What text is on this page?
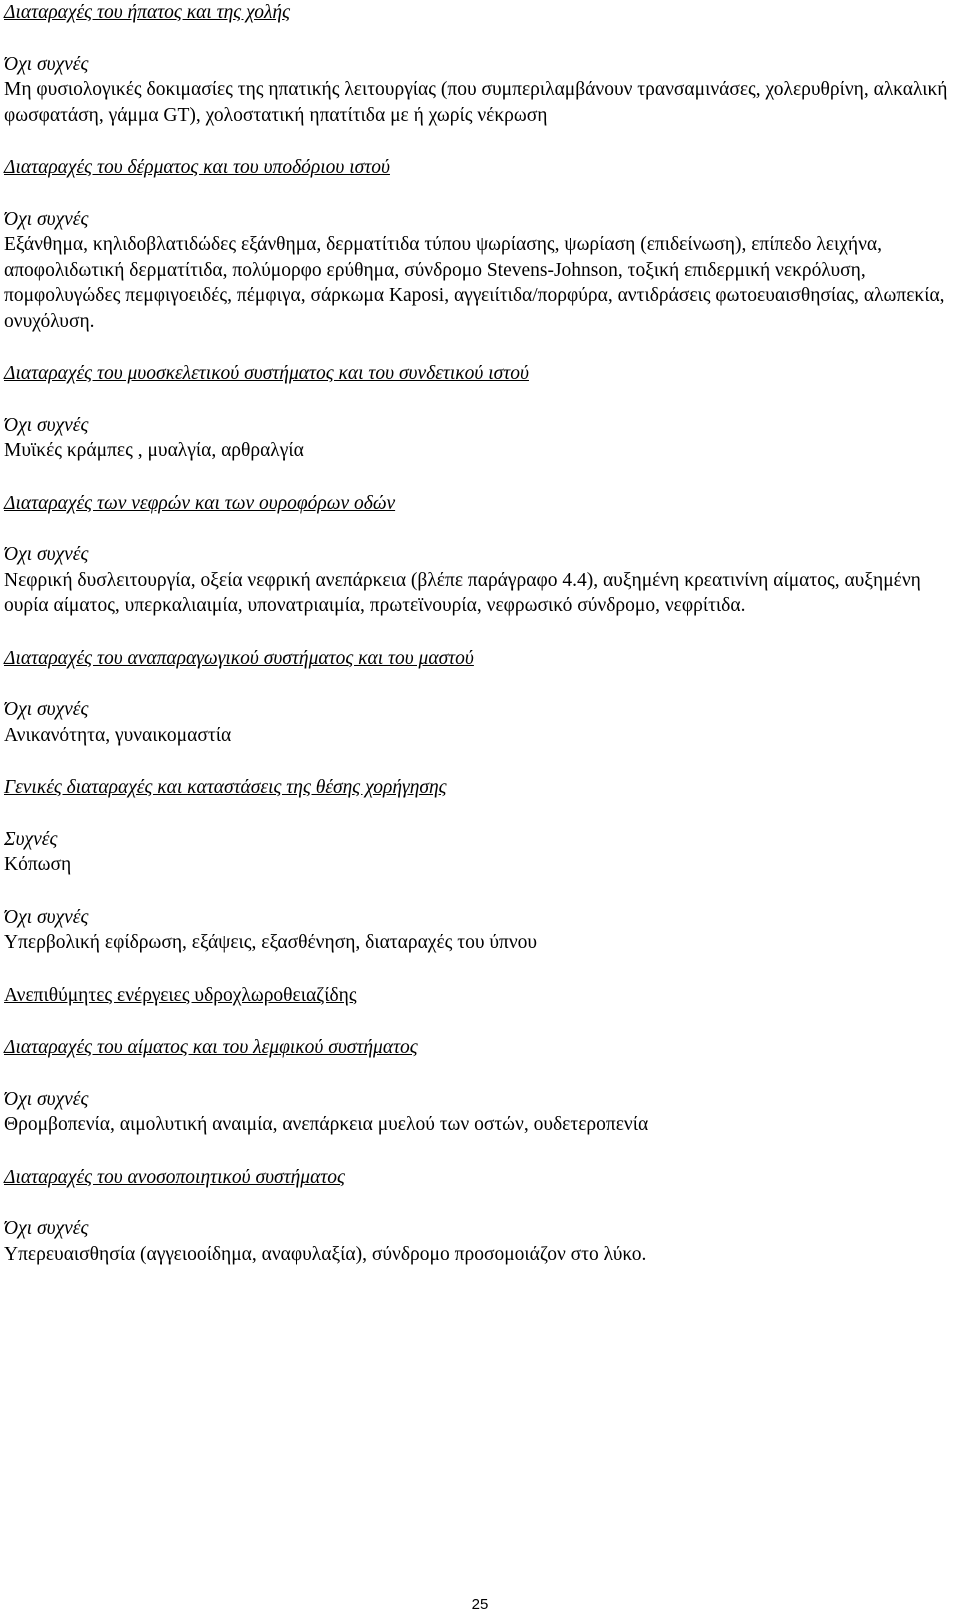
Διαταραχές του ήπατος και της χολής

Όχι συχνές

Μη φυσιολογικές δοκιμασίες της ηπατικής λειτουργίας (που συμπεριλαμβάνουν τρανσαμινάσες, χολερυθρίνη, αλκαλική φωσφατάση, γάμμα GT), χολοστατική ηπατίτιδα με ή χωρίς νέκρωση

Διαταραχές του δέρματος και του υποδόριου ιστού

Όχι συχνές

Εξάνθημα, κηλιδοβλατιδώδες εξάνθημα, δερματίτιδα τύπου ψωρίασης, ψωρίαση (επιδείνωση), επίπεδο λειχήνα, αποφολιδωτική δερματίτιδα, πολύμορφο ερύθημα, σύνδρομο Stevens-Johnson, τοξική επιδερμική νεκρόλυση, πομφολυγώδες πεμφιγοειδές, πέμφιγα, σάρκωμα Kaposi, αγγειίτιδα/πορφύρα, αντιδράσεις φωτοευαισθησίας, αλωπεκία, ονυχόλυση.

Διαταραχές του μυοσκελετικού συστήματος και του συνδετικού ιστού

Όχι συχνές

Μυϊκές κράμπες , μυαλγία, αρθραλγία

Διαταραχές των νεφρών και των ουροφόρων οδών

Όχι συχνές

Νεφρική δυσλειτουργία, οξεία νεφρική ανεπάρκεια (βλέπε παράγραφο 4.4), αυξημένη κρεατινίνη αίματος, αυξημένη ουρία αίματος, υπερκαλιαιμία, υπονατριαιμία, πρωτεϊνουρία, νεφρωσικό σύνδρομο, νεφρίτιδα.

Διαταραχές του αναπαραγωγικού συστήματος και του μαστού

Όχι συχνές

Ανικανότητα, γυναικομαστία

Γενικές διαταραχές και καταστάσεις της θέσης χορήγησης

Συχνές

Κόπωση

Όχι συχνές

Υπερβολική εφίδρωση, εξάψεις, εξασθένηση, διαταραχές του ύπνου

Ανεπιθύμητες ενέργειες υδροχλωροθειαζίδης

Διαταραχές του αίματος και του λεμφικού συστήματος

Όχι συχνές

Θρομβοπενία, αιμολυτική αναιμία, ανεπάρκεια μυελού των οστών, ουδετεροπενία

Διαταραχές του ανοσοποιητικού συστήματος

Όχι συχνές

Υπερευαισθησία (αγγειοοίδημα, αναφυλαξία), σύνδρομο προσομοιάζον στο λύκο.

25
